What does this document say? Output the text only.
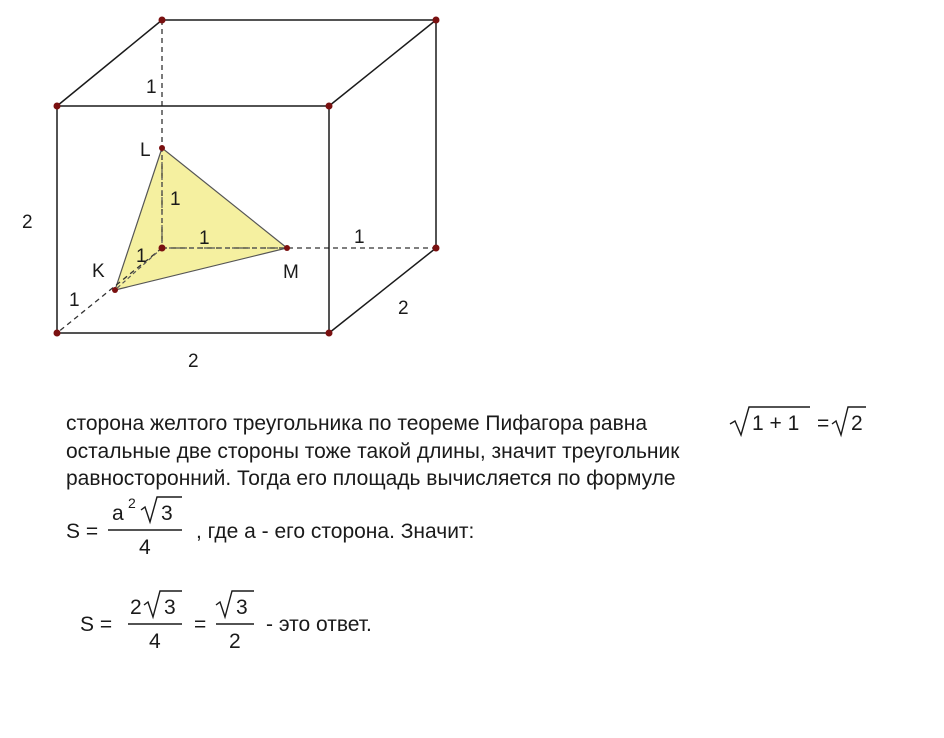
1
2
2
2
1
1
1
1
1
L
K	M
сторона желтого треугольника по теореме Пифагора равна	1 + 1 = 2
остальные две стороны тоже такой длины, значит треугольник
равносторонний. Тогда его площадь вычисляется по формуле
S =
a 2 3
4
, где а - его сторона. Значит:
S =
2 3
4
=
3
2
- это ответ.
